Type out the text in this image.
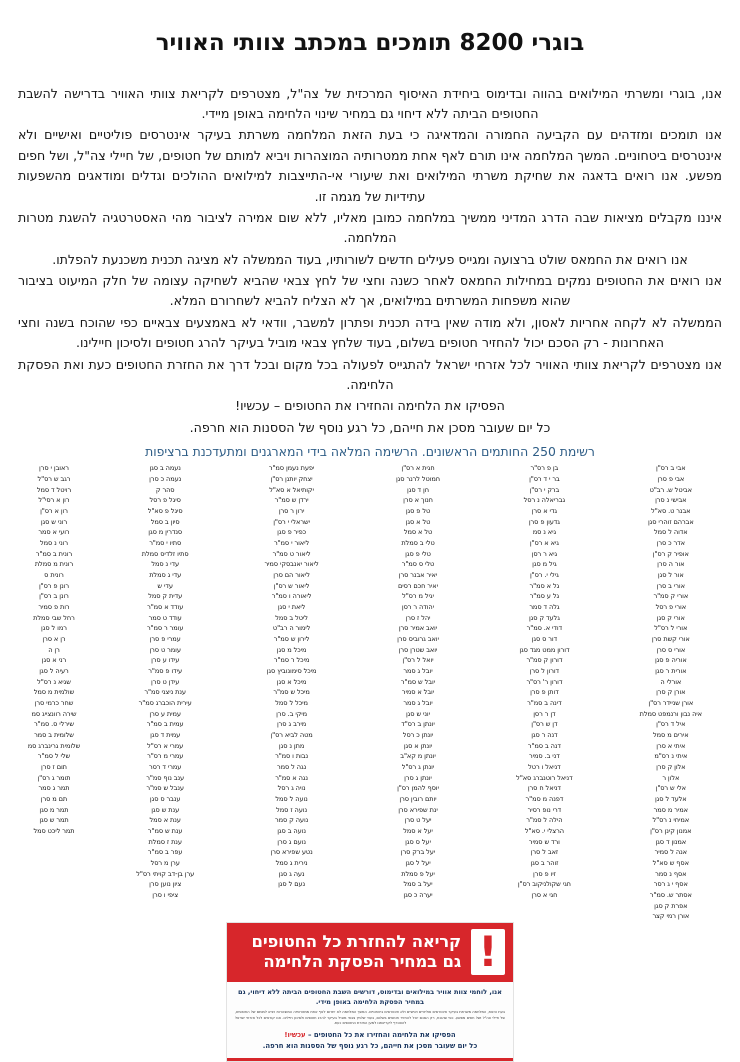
בוגרי 8200 תומכים במכתב צוותי האוויר

אנו, בוגרי ומשרתי המילואים בהווה ובדימוס ביחידת האיסוף המרכזית של צה"ל, מצטרפים לקריאת צוותי האוויר בדרישה להשבת החטופים הביתה ללא דיחוי גם במחיר שינוי הלחימה באופן מיידי.

אנו תומכים ומזדהים עם הקביעה החמורה והמדאיגה כי בעת הזאת המלחמה משרתת בעיקר אינטרסים פוליטיים ואישיים ולא אינטרסים ביטחוניים. המשך המלחמה אינו תורם לאף אחת ממטרותיה המוצהרות ויביא למותם של חטופים, של חיילי צה"ל, ושל חפים מפשע. אנו רואים בדאגה את שחיקת משרתי המילואים ואת שיעורי אי-התייצבות למילואים ההולכים וגדלים ומודאגים מהשפעות עתידיות של מגמה זו.

איננו מקבלים מציאות שבה הדרג המדיני ממשיך במלחמה כמובן מאליו, ללא שום אמירה לציבור מהי האסטרטגיה להשגת מטרות המלחמה.

אנו רואים את החמאס שולט ברצועה ומגייס פעילים חדשים לשורותיו, בעוד הממשלה לא מציגה תכנית משכנעת להפלתו.

אנו רואים את החטופים נמקים במחילות החמאס לאחר כשנה וחצי של לחץ צבאי שהביא לשחיקה עצומה של חלק המיעוט בציבור שהוא משפחות המשרתים במילואים, אך לא הצליח להביא לשחרורם המלא.

הממשלה לא לקחה אחריות לאסון, ולא מודה שאין בידה תכנית ופתרון למשבר, וודאי לא באמצעים צבאיים כפי שהוכח בשנה וחצי האחרונות - רק הסכם יכול להחזיר חטופים בשלום, בעוד שלחץ צבאי מוביל בעיקר להרג חטופים ולסיכון חיילינו.

אנו מצטרפים לקריאת צוותי האוויר לכל אזרחי ישראל להתגייס לפעולה בכל מקום ובכל דרך את החזרת החטופים כעת ואת הפסקת הלחימה.

הפסיקו את הלחימה והחזירו את החטופים – עכשיו!

כל יום שעובר מסכן את חייהם, כל רגע נוסף של הססנות הוא חרפה.

רשימת 250 החותמים הראשונים. הרשימה המלאה בידי המארגנים ומתעדכנת ברציפות
אבי ב רס"ן
אבי פ סרן
אביטל ש. רב"ט
אבישי נ סרן
אבנר ט. סא"ל
אברהם זוהרי סגן
אדוה ל סמל
אדר כ סרן
אופיר ק רס"ן
אור ה סרן
אור ל סגן
אורי ב סרן
אורי ק סמ"ר
אורי פ רסל
אורי ק סגן
אורי ל רס"ל
אורי קשת סרן
אורי ס סרן
אוריה פ סגן
אורית ר סגן
אורלי ה
אורן ק סרן
אורן שניידר רס"ן
איה נבון ורנמפט סמלת
איל ד רס"ן
אירים מ סמל
איתי א סרן
איתי נ רס"מ
אלון ק סרן
אלון ר
אלי ש רס"ן
אלעד ל סגן
אמיר מ סמר
אמיחי נ רס"ל
אמנון קינן רס"ן
אמנון ד סגן
אנה ל סמיר
אסף ש סא"ל
אסף נ סמר
אסף י ג רסר
אסתר ש. סמ"ר
אפרת ק סגן
אורן רמי קצר
בן פ רס"ר
בר י ד רס"ן
ברק י רס"ן
גבריאלה נ רסל
גדי א סרן
גדעון פ סרן
גיא נ סמ
גיא א רס"ן
גיא ר רסן
גיל מ סגן
גילי י. רס"ן
גל א סמ"ר
גל ע סמ"ר
גלה ד סמר
גלעד ק סגן
דודי א. סמ"ר
דור ס סגן
דורון ממט מגד סגן
דורון ק סמ"ר
דורון ל סרן
דורון ר' רס"ר
דותן פ סרן
דינה ב סמ"ר
דן ר רסן
דן ש רס"ן
דנה ר סגן
דנה ב סמ"ר
דני ב. סמיר
דניאל ו רטל
דניאל רוטנברג סא"ל
דניאל ח סרן
דפנה מ סמ"ר
דרי נופ רסיר
הילה ל סמ"ר
הרצלי י. סא"ל
ורד ש סמיר
זאב ל סרן
זוהר ב סגן
זיו פ סרן
חגי שקולניקוב רס"ן
חגי א סרן
חגית א רס"ן
חמוטל לרנר סגן
חן ד סגן
חנוך א סרן
טל פ סגן
טל א סגן
טל א סמל
טלי ב סמלת
טלי פ סגן
טלי ס סמ"ר
יאיר אבנר סרן
יאיר חכם רסים
יגיל מ רס"ל
יהודה ר רסן
יהל ז סרן
יואב אמיר סרן
יואב גרוביס סרן
יואב שטרן סרן
יואל ל רס"ן
יובל ג סמר
יובל ש סמ"ר
יובל א סמיר
יובל ג סמר
יוני ש סגן
יונתן ב רס"ד
יונתן כ רסל
יונתן א סגן
יונתן מ קא"ב
יונתן ג רס"ל
יונתן ג סרן
יוסף להמן רס"ן
יותם רובין סרן
ינת שפירא סרן
יעל ט סרן
יעל א סמל
יעל ס סגן
יעל ברק סרן
יעל ל סגן
יעל פ סמלת
יעל ב סמל
יערה כ סגן
יפעת נעמן סמ"ר
יצחק יותנן רס"ן
יקותיאל א סא"ל
ירדן ש סמ"ר
ירון ר סרן
ישראלי י רס"ן
כפיר פ סגן
ליאור י סמ"ר
ליאור ט סמ"ר
ליאור יאנבסקי סמיר
ליאור הם סרן
ליאור ש רס"ן
ליאורה ו סמ"ר
ליאת י סגן
ליטל ב סמל
לימור ה רב"ט
לירון ש סמ"ר
מיכל מ סגן
מיכל ר סמ"ר
מיכל סימונוביץ סגן
מיכל א סגן
מיכל ש סמ"ר
מיכל ל סמל
מיקי ב. סרן
מירב ג סרן
מטה לביא רס"ן
מתן נ סגן
נבות ו סמ"ר
נגה ל סמר
נגה א סמ"ר
נויה ג רסל
נועה ל סמל
נועה ז סמל
נועה ק סמר
נועה ב סגן
נועם ג סרן
נטע שפירא סרן
נירית ג סמל
נעה ג סגן
נעם ל סגן
נעמה ב סגן
נעמה כ סרן
סהר ק
סיגל פ רסל
סיגל פ סא"ל
סיון ב סמל
סנדרין מ סגן
סתיו י סמ"ר
סתיו זלדיס סמלת
עדי נ סמל
עדי ג סמלת
עדי ש
עדית ק סמל
עודד א סמ"ר
עודד ט סמר
עומר ר סמ"ר
עמרי פ סרן
עומר ט סרן
עידו ע סרן
עידו פ סמ"ר
עידן ט סרן
ענת ניצני סמ"ר
עירית הוכברג סמ"ר
עמית ע סרן
עמית ב סמ"ר
עמית ד סגן
עמרי א רס"ל
עמרי מ רס"ר
עמרי ד רסר
ענב נוף סמ"ר
ענבל ש סמ"ר
ענבר ס סגן
ענת ש סגן
ענת א סמל
ענת ש סמ"ר
ענת ז סמלת
עפר ב סמ"ר
ערן מ רסל
ערן בן-דב קויתי רס"ל
ציון נוען סרן
ציפי ו סרן
ראובן י סרן
רגב ש רס"ל
רויטל ד סמל
רון א רסי"ל
רון א רס"ן
רוני ש סגן
רועי א סמר
רוני נ סמל
רונית ב סמ"ר
רונית מ סמלת
רונית ס
רונן פ רס"ן
רונן ב רס"ן
רות פ סמיר
רחל שבי סמלת
רמו ל סגן
רן א סרן
רן ה
רני א סגן
רעיה ל סגן
שגיא נ רס"ל
שולמית מ סמל
שחר כרמי סרן
שירה רוונצייג סמ
שירלי ס. סמ"ר
שלומית ב סמר
שלומית גרינברג סמ
שלי ל סמ"ר
תום ז סרן
תומר ג רס"ן
תמר ג סמר
תם מ סרן
תמר מ סגן
תמר ש סגן
תמר ליכט סמל
!
קריאה להחזרת כל החטופים
גם במחיר הפסקת הלחימה
אנו, לוחמי צוות אוויר במילואים ובדימוס, דורשים השבת החטופים הביתה ללא דיחוי, גם במחיר הפסקת הלחימה באופן מידי.
בעת הזאת, המלחמה משרתת בעיקר אינטרסים פוליטיים ואישיים ולא אינטרסים ביטחוניים. המשך המלחמה לא יתרום לאף אחת ממטרותיה המוצהרות ויביא למותם של החטופים, של חיילי צה"ל ושל חפים מפשע. כפי שהוכח, רק הסכם יכול להחזיר חטופים בשלום, בעוד שלחץ צבאי מוביל בעיקר להרג חטופים ולסיכון חיילינו. אנו קוראים לכל אזרחי ישראל להצטרף לקריאתנו למען החזרת החטופים כעת.
הפסיקו את הלחימה והחזירו את כל החטופים – עכשיו!
כל יום שעובר מסכן את חייהם, כל רגע נוסף של הססנות הוא חרפה.
